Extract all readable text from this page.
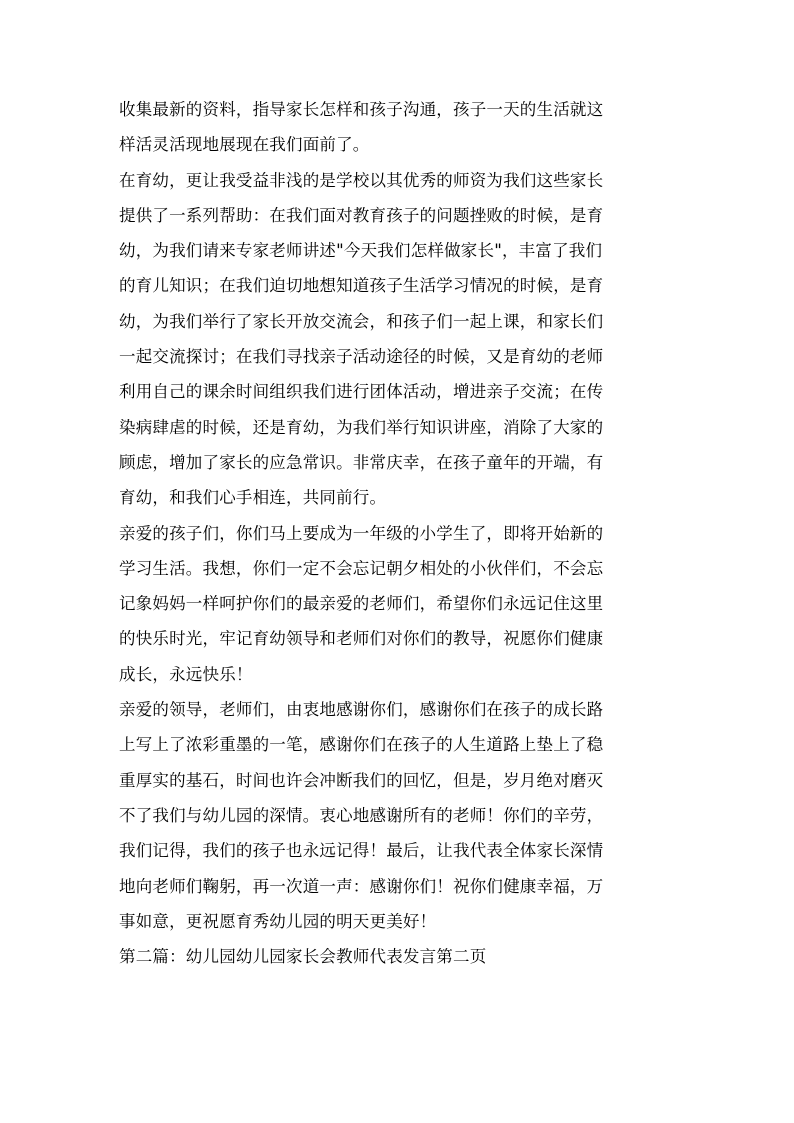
收集最新的资料，指导家长怎样和孩子沟通，孩子一天的生活就这
样活灵活现地展现在我们面前了。
在育幼，更让我受益非浅的是学校以其优秀的师资为我们这些家长
提供了一系列帮助：在我们面对教育孩子的问题挫败的时候，是育
幼，为我们请来专家老师讲述"今天我们怎样做家长"，丰富了我们
的育儿知识；在我们迫切地想知道孩子生活学习情况的时候，是育
幼，为我们举行了家长开放交流会，和孩子们一起上课，和家长们
一起交流探讨；在我们寻找亲子活动途径的时候，又是育幼的老师
利用自己的课余时间组织我们进行团体活动，增进亲子交流；在传
染病肆虐的时候，还是育幼，为我们举行知识讲座，消除了大家的
顾虑，增加了家长的应急常识。非常庆幸，在孩子童年的开端，有
育幼，和我们心手相连，共同前行。
亲爱的孩子们，你们马上要成为一年级的小学生了，即将开始新的
学习生活。我想，你们一定不会忘记朝夕相处的小伙伴们，不会忘
记象妈妈一样呵护你们的最亲爱的老师们，希望你们永远记住这里
的快乐时光，牢记育幼领导和老师们对你们的教导，祝愿你们健康
成长，永远快乐！
亲爱的领导，老师们，由衷地感谢你们，感谢你们在孩子的成长路
上写上了浓彩重墨的一笔，感谢你们在孩子的人生道路上垫上了稳
重厚实的基石，时间也许会冲断我们的回忆，但是，岁月绝对磨灭
不了我们与幼儿园的深情。衷心地感谢所有的老师！你们的辛劳，
我们记得，我们的孩子也永远记得！最后，让我代表全体家长深情
地向老师们鞠躬，再一次道一声：感谢你们！祝你们健康幸福，万
事如意，更祝愿育秀幼儿园的明天更美好！
第二篇：幼儿园幼儿园家长会教师代表发言第二页
